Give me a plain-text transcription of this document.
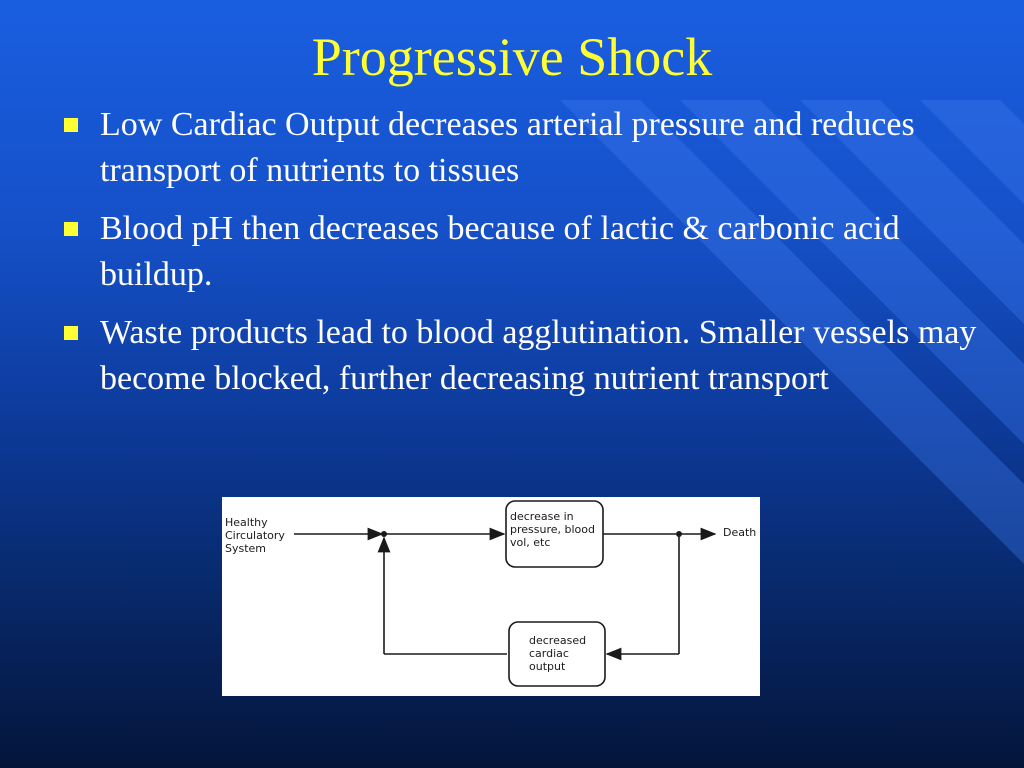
Progressive Shock
Low Cardiac Output decreases arterial pressure and reduces transport of nutrients to tissues
Blood pH then decreases because of lactic & carbonic acid buildup.
Waste products lead to blood agglutination. Smaller vessels may become blocked, further decreasing nutrient transport
Healthy
Circulatory
System
decrease in
pressure, blood
vol, etc
Death
decreased
cardiac
output
